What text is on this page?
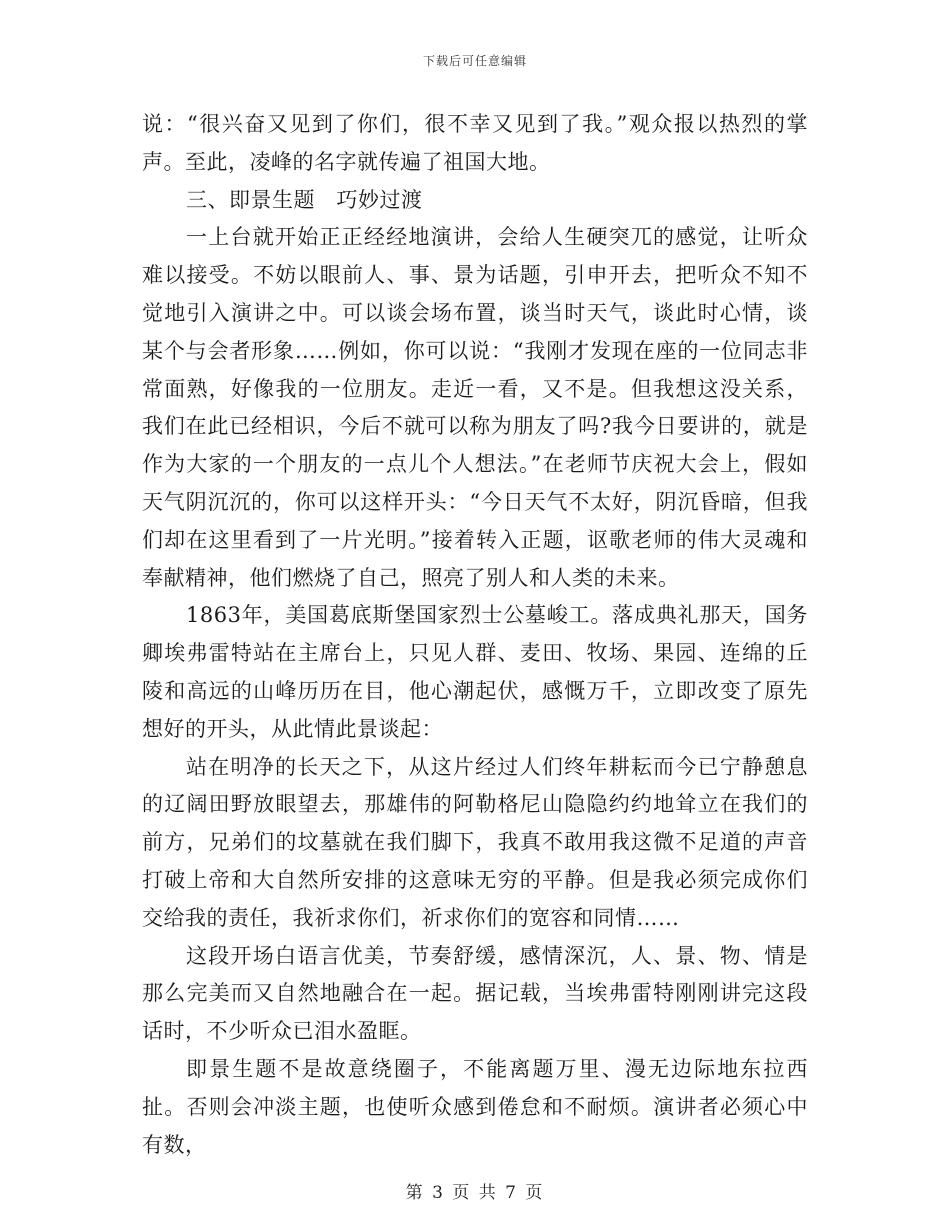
下载后可任意编辑

说：“很兴奋又见到了你们，很不幸又见到了我。”观众报以热烈的掌声。至此，凌峰的名字就传遍了祖国大地。

三、即景生题　巧妙过渡

一上台就开始正正经经地演讲，会给人生硬突兀的感觉，让听众难以接受。不妨以眼前人、事、景为话题，引申开去，把听众不知不觉地引入演讲之中。可以谈会场布置，谈当时天气，谈此时心情，谈某个与会者形象……例如，你可以说：“我刚才发现在座的一位同志非常面熟，好像我的一位朋友。走近一看，又不是。但我想这没关系，我们在此已经相识，今后不就可以称为朋友了吗?我今日要讲的，就是作为大家的一个朋友的一点儿个人想法。”在老师节庆祝大会上，假如天气阴沉沉的，你可以这样开头：“今日天气不太好，阴沉昏暗，但我们却在这里看到了一片光明。”接着转入正题，讴歌老师的伟大灵魂和奉献精神，他们燃烧了自己，照亮了别人和人类的未来。

1863年，美国葛底斯堡国家烈士公墓峻工。落成典礼那天，国务卿埃弗雷特站在主席台上，只见人群、麦田、牧场、果园、连绵的丘陵和高远的山峰历历在目，他心潮起伏，感慨万千，立即改变了原先想好的开头，从此情此景谈起：

站在明净的长天之下，从这片经过人们终年耕耘而今已宁静憩息的辽阔田野放眼望去，那雄伟的阿勒格尼山隐隐约约地耸立在我们的前方，兄弟们的坟墓就在我们脚下，我真不敢用我这微不足道的声音打破上帝和大自然所安排的这意味无穷的平静。但是我必须完成你们交给我的责任，我祈求你们，祈求你们的宽容和同情……

这段开场白语言优美，节奏舒缓，感情深沉，人、景、物、情是那么完美而又自然地融合在一起。据记载，当埃弗雷特刚刚讲完这段话时，不少听众已泪水盈眶。

即景生题不是故意绕圈子，不能离题万里、漫无边际地东拉西扯。否则会冲淡主题，也使听众感到倦怠和不耐烦。演讲者必须心中有数，

第 3 页 共 7 页
